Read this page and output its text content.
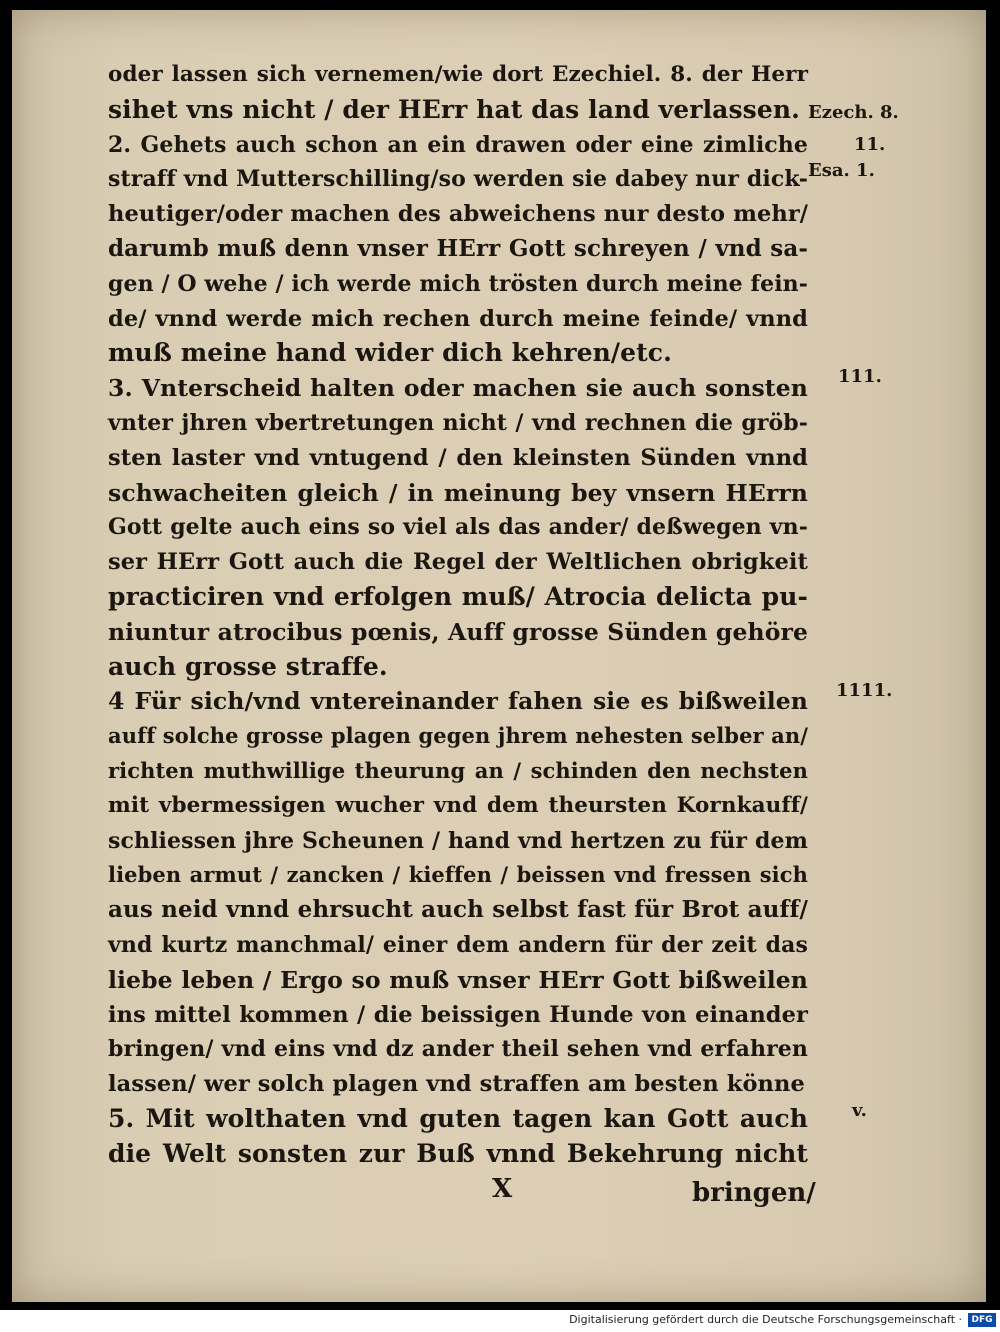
oder lassen sich vernemen/wie dort Ezechiel. 8. der Herr
sihet vns nicht / der HErr hat das land verlassen.
2. Gehets auch schon an ein drawen oder eine zimliche
straff vnd Mutterschilling/so werden sie dabey nur dick-
heutiger/oder machen des abweichens nur desto mehr/
darumb muß denn vnser HErr Gott schreyen / vnd sa-
gen / O wehe / ich werde mich trösten durch meine fein-
de/ vnnd werde mich rechen durch meine feinde/ vnnd
muß meine hand wider dich kehren/etc.
3. Vnterscheid halten oder machen sie auch sonsten
vnter jhren vbertretungen nicht / vnd rechnen die gröb-
sten laster vnd vntugend / den kleinsten Sünden vnnd
schwacheiten gleich / in meinung bey vnsern HErrn
Gott gelte auch eins so viel als das ander/ deßwegen vn-
ser HErr Gott auch die Regel der Weltlichen obrigkeit
practiciren vnd erfolgen muß/ Atrocia delicta pu-
niuntur atrocibus pœnis, Auff grosse Sünden gehöre
auch grosse straffe.
4 Für sich/vnd vntereinander fahen sie es bißweilen
auff solche grosse plagen gegen jhrem nehesten selber an/
richten muthwillige theurung an / schinden den nechsten
mit vbermessigen wucher vnd dem theursten Kornkauff/
schliessen jhre Scheunen / hand vnd hertzen zu für dem
lieben armut / zancken / kieffen / beissen vnd fressen sich
aus neid vnnd ehrsucht auch selbst fast für Brot auff/
vnd kurtz manchmal/ einer dem andern für der zeit das
liebe leben / Ergo so muß vnser HErr Gott bißweilen
ins mittel kommen / die beissigen Hunde von einander
bringen/ vnd eins vnd dz ander theil sehen vnd erfahren
lassen/ wer solch plagen vnd straffen am besten könne
5. Mit wolthaten vnd guten tagen kan Gott auch
die Welt sonsten zur Buß vnnd Bekehrung nicht
Ezech. 8.
11.
Esa. 1.
111.
1111.
v.
X	bringen/
Digitalisierung gefördert durch die Deutsche Forschungsgemeinschaft ·	DFG
